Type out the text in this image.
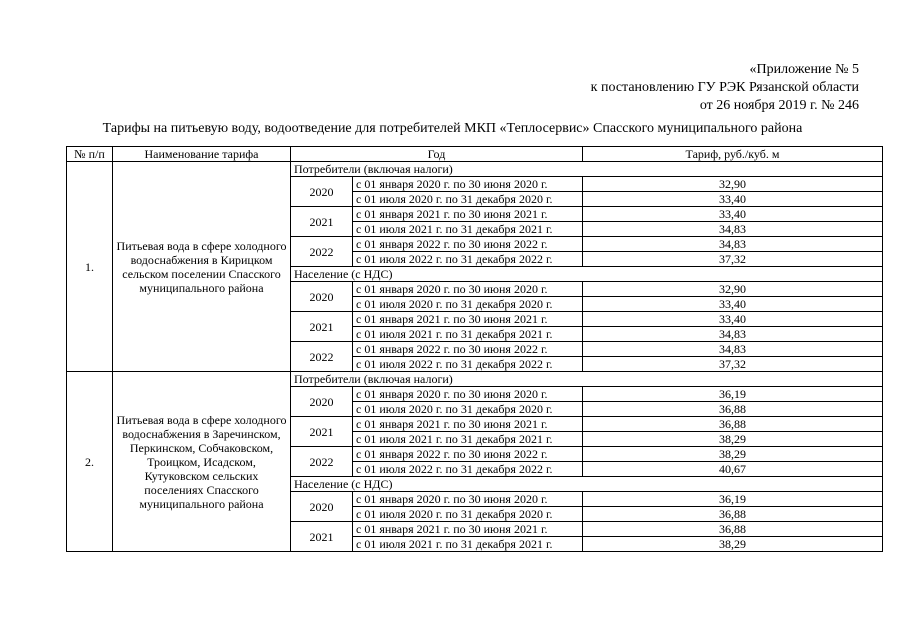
«Приложение № 5
к постановлению ГУ РЭК Рязанской области
от 26 ноября 2019 г. № 246
Тарифы на питьевую воду, водоотведение для потребителей МКП «Теплосервис» Спасского муниципального района
№ п/п	Наименование тарифа	Год		Тариф, руб./куб. м
1.	Питьевая вода в сфере холодного водоснабжения в Кирицком сельском поселении Спасского муниципального района	Потребители (включая налоги)		
		2020	с 01 января 2020 г. по 30 июня 2020 г.	32,90
			с 01 июля 2020 г. по 31 декабря 2020 г.	33,40
		2021	с 01 января 2021 г. по 30 июня 2021 г.	33,40
			с 01 июля 2021 г. по 31 декабря 2021 г.	34,83
		2022	с 01 января 2022 г. по 30 июня 2022 г.	34,83
			с 01 июля 2022 г. по 31 декабря 2022 г.	37,32
		Население (с НДС)		
		2020	с 01 января 2020 г. по 30 июня 2020 г.	32,90
			с 01 июля 2020 г. по 31 декабря 2020 г.	33,40
		2021	с 01 января 2021 г. по 30 июня 2021 г.	33,40
			с 01 июля 2021 г. по 31 декабря 2021 г.	34,83
		2022	с 01 января 2022 г. по 30 июня 2022 г.	34,83
			с 01 июля 2022 г. по 31 декабря 2022 г.	37,32
2.	Питьевая вода в сфере холодного водоснабжения в Заречинском, Перкинском, Собчаковском, Троицком, Исадском, Кутуковском сельских поселениях Спасского муниципального района	Потребители (включая налоги)		
		2020	с 01 января 2020 г. по 30 июня 2020 г.	36,19
			с 01 июля 2020 г. по 31 декабря 2020 г.	36,88
		2021	с 01 января 2021 г. по 30 июня 2021 г.	36,88
			с 01 июля 2021 г. по 31 декабря 2021 г.	38,29
		2022	с 01 января 2022 г. по 30 июня 2022 г.	38,29
			с 01 июля 2022 г. по 31 декабря 2022 г.	40,67
		Население (с НДС)		
		2020	с 01 января 2020 г. по 30 июня 2020 г.	36,19
			с 01 июля 2020 г. по 31 декабря 2020 г.	36,88
		2021	с 01 января 2021 г. по 30 июня 2021 г.	36,88
			с 01 июля 2021 г. по 31 декабря 2021 г.	38,29
